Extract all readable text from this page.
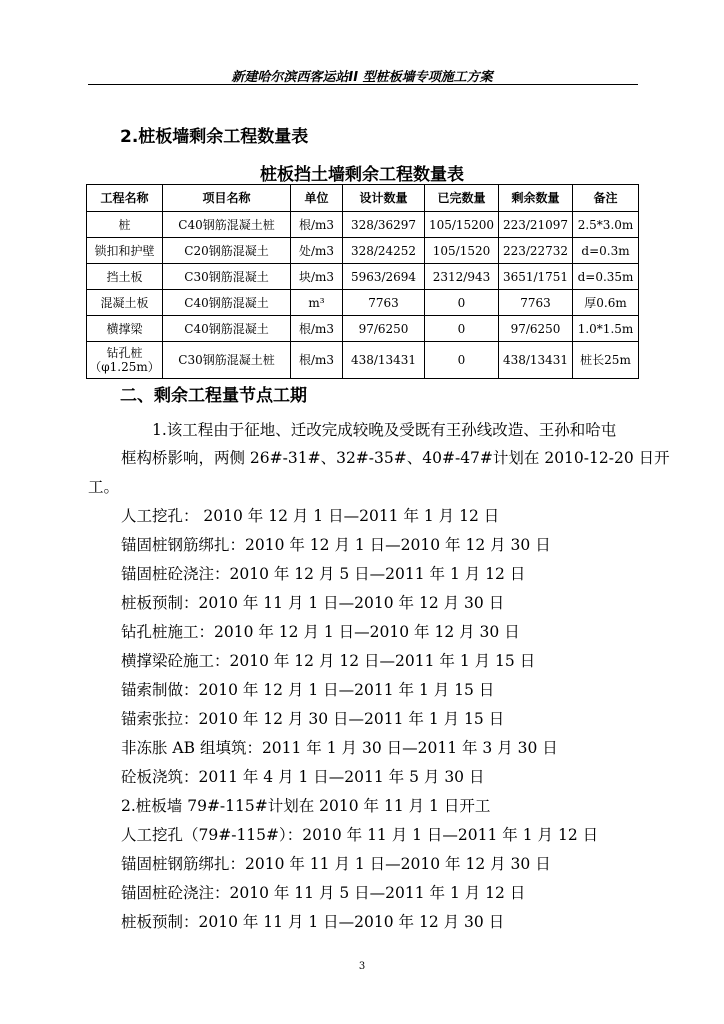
新建哈尔滨西客运站II 型桩板墙专项施工方案
2.桩板墙剩余工程数量表
桩板挡土墙剩余工程数量表
工程名称	项目名称	单位	设计数量	已完数量	剩余数量	备注
桩	C40钢筋混凝土桩	根/m3	328/36297	105/15200	223/21097	2.5*3.0m
锁扣和护壁	C20钢筋混凝土	处/m3	328/24252	105/1520	223/22732	d=0.3m
挡土板	C30钢筋混凝土	块/m3	5963/2694	2312/943	3651/1751	d=0.35m
混凝土板	C40钢筋混凝土	m³	7763	0	7763	厚0.6m
横撑梁	C40钢筋混凝土	根/m3	97/6250	0	97/6250	1.0*1.5m

钻孔桩
（φ1.25m）	C30钢筋混凝土桩	根/m3	438/13431	0	438/13431	桩长25m
二、剩余工程量节点工期
1.该工程由于征地、迁改完成较晚及受既有王孙线改造、王孙和哈屯
框构桥影响，两侧 26#-31#、32#-35#、40#-47#计划在 2010-12-20 日开
工。
人工挖孔： 2010 年 12 月 1 日—2011 年 1 月 12 日
锚固桩钢筋绑扎：2010 年 12 月 1 日—2010 年 12 月 30 日
锚固桩砼浇注：2010 年 12 月 5 日—2011 年 1 月 12 日
桩板预制：2010 年 11 月 1 日—2010 年 12 月 30 日
钻孔桩施工：2010 年 12 月 1 日—2010 年 12 月 30 日
横撑梁砼施工：2010 年 12 月 12 日—2011 年 1 月 15 日
锚索制做：2010 年 12 月 1 日—2011 年 1 月 15 日
锚索张拉：2010 年 12 月 30 日—2011 年 1 月 15 日
非冻胀 AB 组填筑：2011 年 1 月 30 日—2011 年 3 月 30 日
砼板浇筑：2011 年 4 月 1 日—2011 年 5 月 30 日
2.桩板墙 79#-115#计划在 2010 年 11 月 1 日开工
人工挖孔（79#-115#）：2010 年 11 月 1 日—2011 年 1 月 12 日
锚固桩钢筋绑扎：2010 年 11 月 1 日—2010 年 12 月 30 日
锚固桩砼浇注：2010 年 11 月 5 日—2011 年 1 月 12 日
桩板预制：2010 年 11 月 1 日—2010 年 12 月 30 日
3
